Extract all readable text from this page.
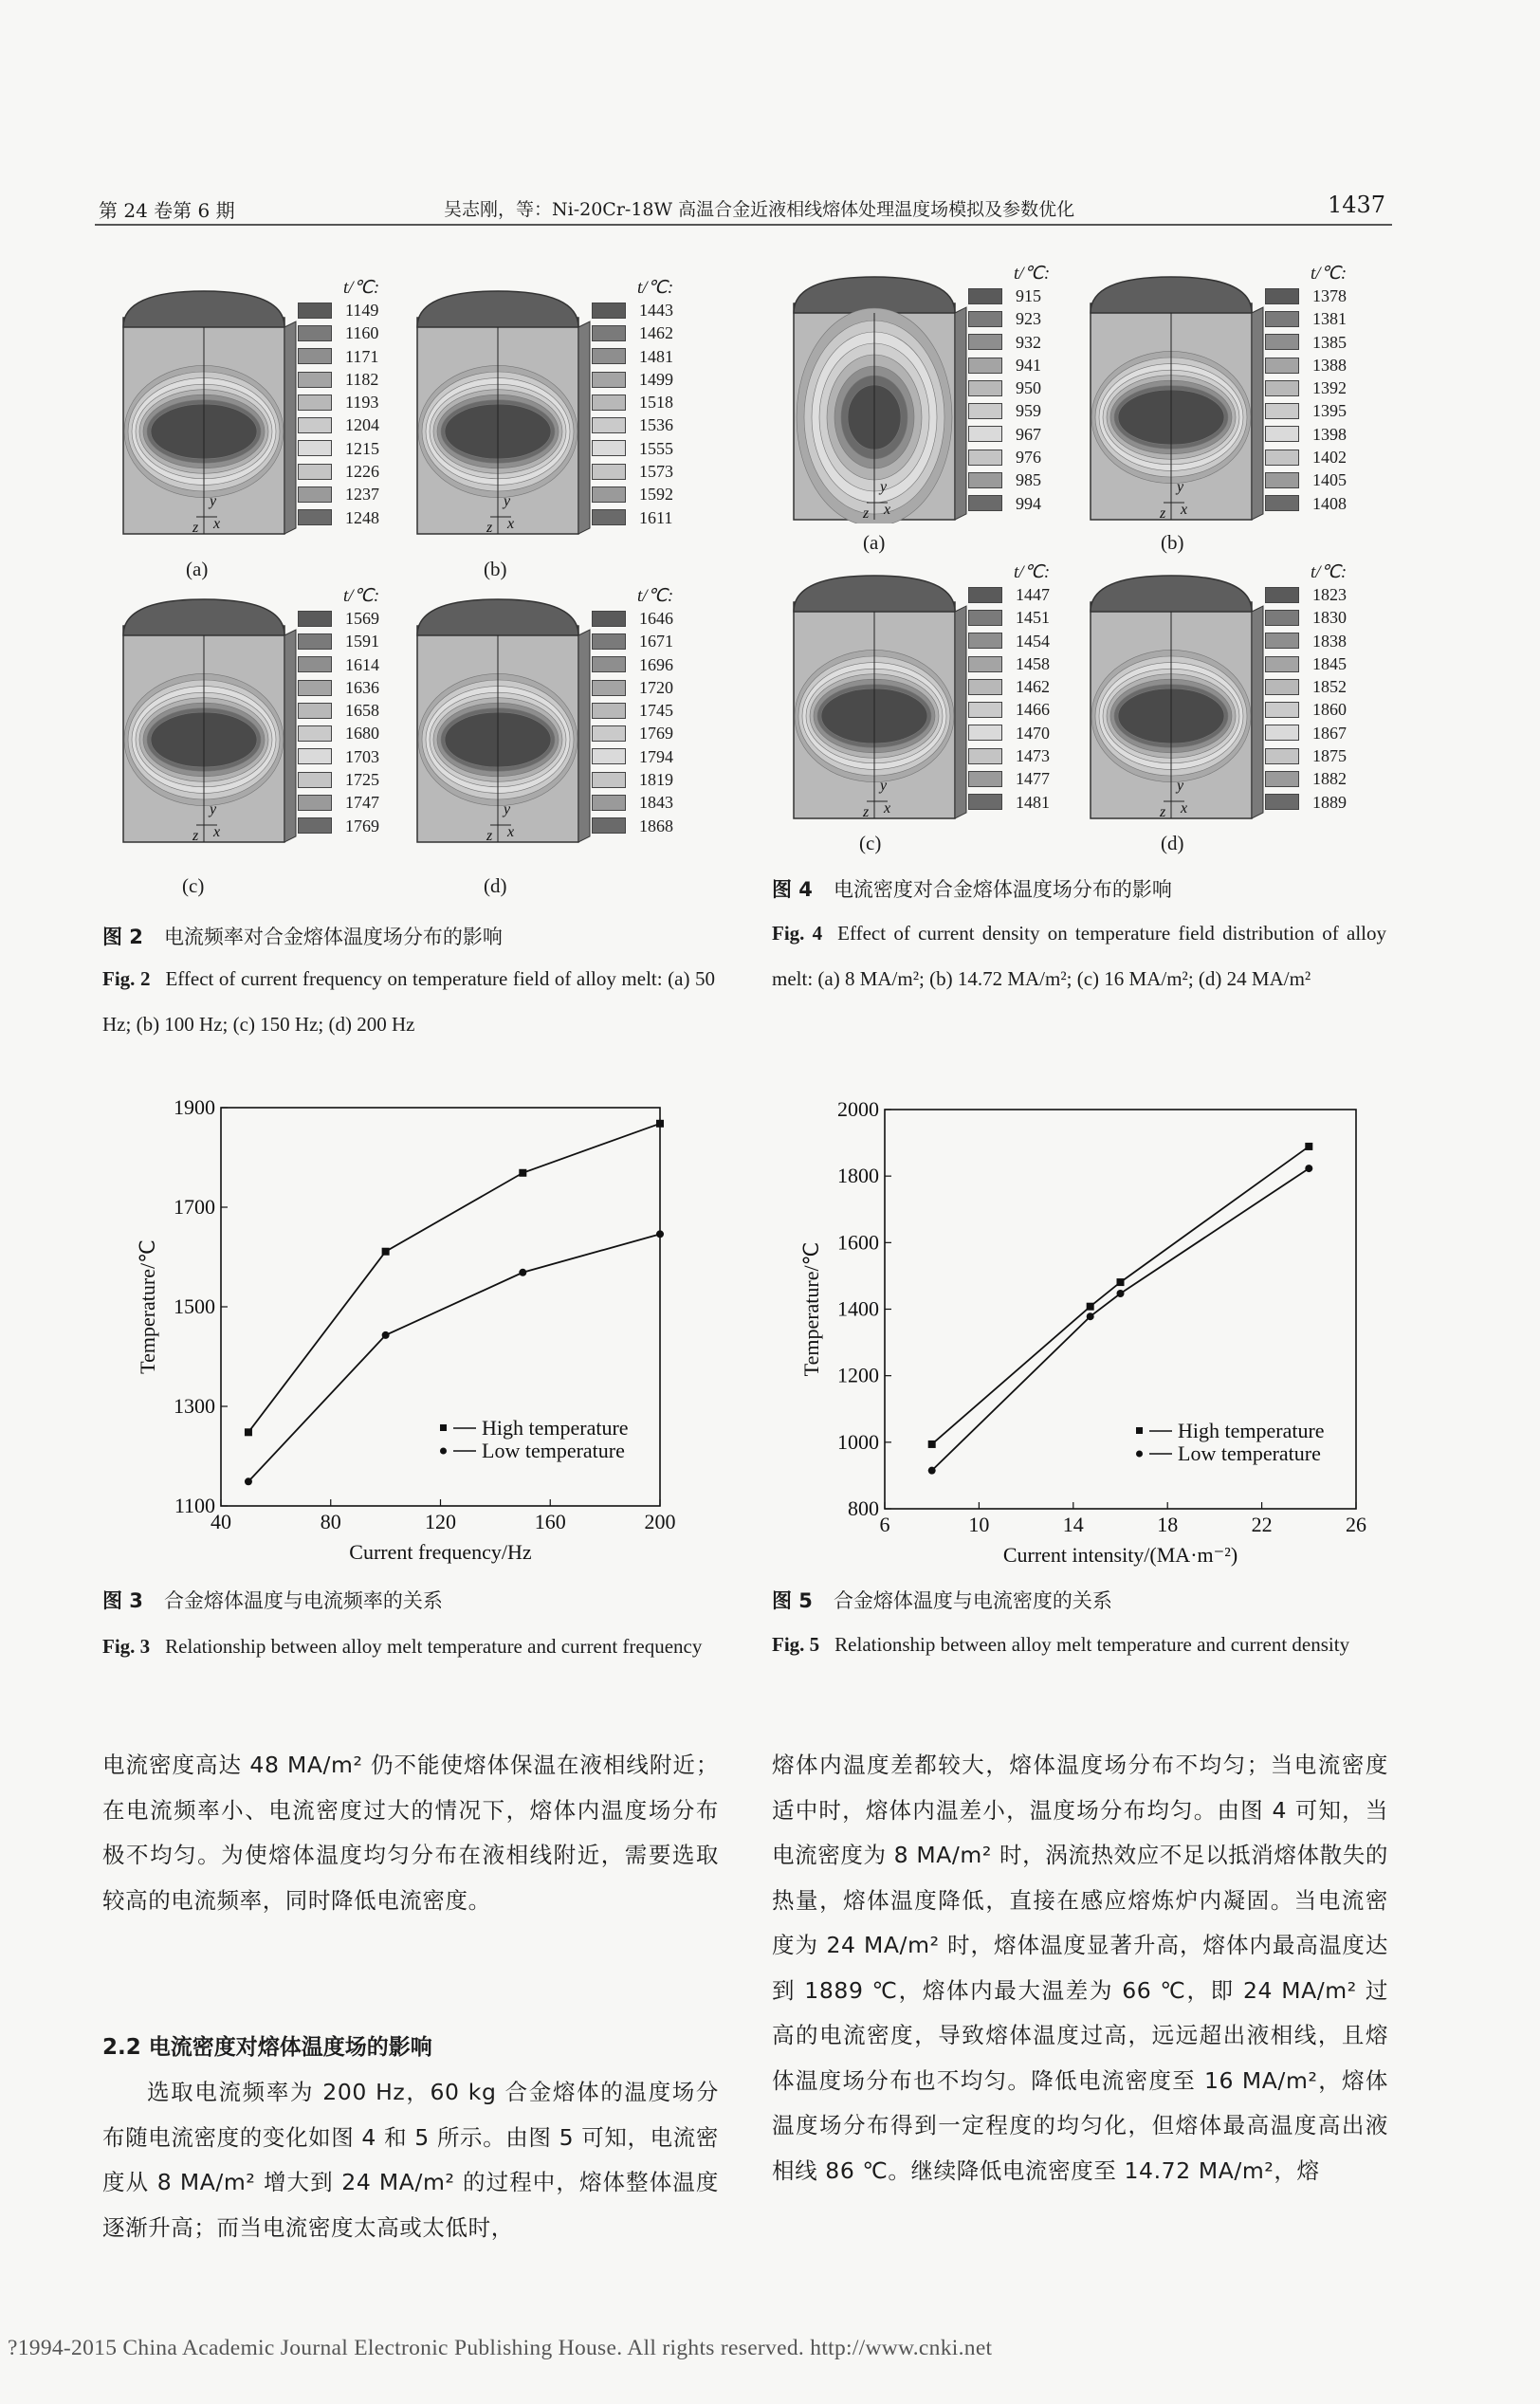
第 24 卷第 6 期	吴志刚，等：Ni-20Cr-18W 高温合金近液相线熔体处理温度场模拟及参数优化	1437
y
z x
t/℃:
1149
1160
1171
1182
1193
1204
1215
1226
1237
1248
(a)
y
z x
t/℃:
1443
1462
1481
1499
1518
1536
1555
1573
1592
1611
(b)
y
z x
t/℃:
1569
1591
1614
1636
1658
1680
1703
1725
1747
1769
(c)
y
z x
t/℃:
1646
1671
1696
1720
1745
1769
1794
1819
1843
1868
(d)
y
z x
t/℃:
915
923
932
941
950
959
967
976
985
994
(a)
y
z x
t/℃:
1378
1381
1385
1388
1392
1395
1398
1402
1405
1408
(b)
y
z x
t/℃:
1447
1451
1454
1458
1462
1466
1470
1473
1477
1481
(c)
y
z x
t/℃:
1823
1830
1838
1845
1852
1860
1867
1875
1882
1889
(d)
图 2 电流频率对合金熔体温度场分布的影响
Fig. 2 Effect of current frequency on temperature field of alloy melt: (a) 50 Hz; (b) 100 Hz; (c) 150 Hz; (d) 200 Hz
图 4 电流密度对合金熔体温度场分布的影响
Fig. 4 Effect of current density on temperature field distribution of alloy melt: (a) 8 MA/m²; (b) 14.72 MA/m²; (c) 16 MA/m²; (d) 24 MA/m²
40	80	120	160	200
1100
1300
1500
1700
1900
Current frequency/Hz
Temperature/℃
High temperature
Low temperature
图 3 合金熔体温度与电流频率的关系
Fig. 3 Relationship between alloy melt temperature and current frequency
6	10	14	18	22	26
800
1000
1200
1400
1600
1800
2000
Current intensity/(MA·m⁻²)
Temperature/℃
High temperature
Low temperature
图 5 合金熔体温度与电流密度的关系
Fig. 5 Relationship between alloy melt temperature and current density

电流密度高达 48 MA/m² 仍不能使熔体保温在液相线附近；在电流频率小、电流密度过大的情况下，熔体内温度场分布极不均匀。为使熔体温度均匀分布在液相线附近，需要选取较高的电流频率，同时降低电流密度。

2.2 电流密度对熔体温度场的影响

选取电流频率为 200 Hz，60 kg 合金熔体的温度场分布随电流密度的变化如图 4 和 5 所示。由图 5 可知，电流密度从 8 MA/m² 增大到 24 MA/m² 的过程中，熔体整体温度逐渐升高；而当电流密度太高或太低时，

熔体内温度差都较大，熔体温度场分布不均匀；当电流密度适中时，熔体内温差小，温度场分布均匀。由图 4 可知，当电流密度为 8 MA/m² 时，涡流热效应不足以抵消熔体散失的热量，熔体温度降低，直接在感应熔炼炉内凝固。当电流密度为 24 MA/m² 时，熔体温度显著升高，熔体内最高温度达到 1889 ℃，熔体内最大温差为 66 ℃，即 24 MA/m² 过高的电流密度，导致熔体温度过高，远远超出液相线，且熔体温度场分布也不均匀。降低电流密度至 16 MA/m²，熔体温度场分布得到一定程度的均匀化，但熔体最高温度高出液相线 86 ℃。继续降低电流密度至 14.72 MA/m²，熔

?1994-2015 China Academic Journal Electronic Publishing House. All rights reserved. http://www.cnki.net
